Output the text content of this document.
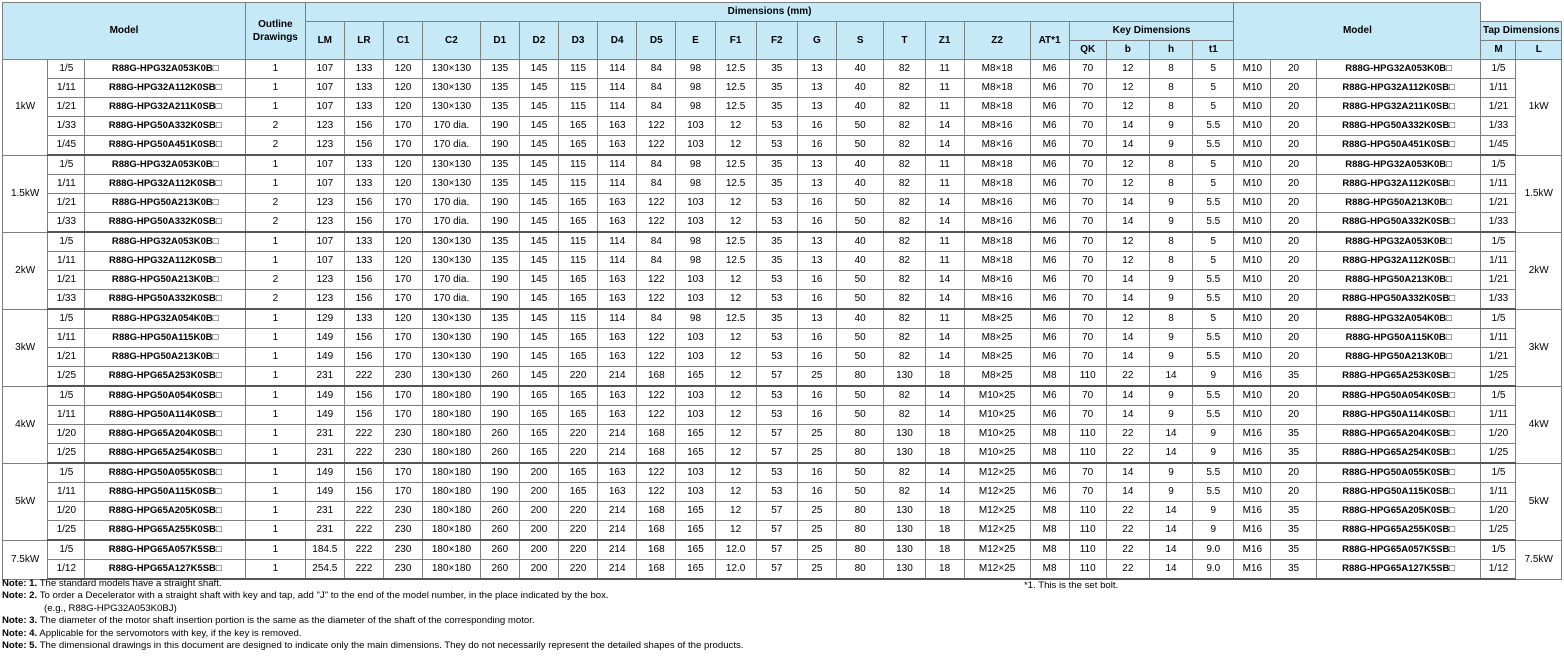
Model			Outline Drawings	Dimensions (mm)																						Model				
				LM	LR	C1	C2	D1	D2	D3	D4	D5	E	F1	F2	G	S	T	Z1	Z2	AT*1	Key Dimensions							Tap Dimensions	
																						QK	b	h	t1				M	L
1kW	1/5	R88G-HPG32A053K0B□	1	107	133	120	130×130	135	145	115	114	84	98	12.5	35	13	40	82	11	M8×18	M6	70	12	8	5	M10	20	R88G-HPG32A053K0B□	1/5	1kW
	1/11	R88G-HPG32A112K0SB□	1	107	133	120	130×130	135	145	115	114	84	98	12.5	35	13	40	82	11	M8×18	M6	70	12	8	5	M10	20	R88G-HPG32A112K0SB□	1/11	
	1/21	R88G-HPG32A211K0SB□	1	107	133	120	130×130	135	145	115	114	84	98	12.5	35	13	40	82	11	M8×18	M6	70	12	8	5	M10	20	R88G-HPG32A211K0SB□	1/21	
	1/33	R88G-HPG50A332K0SB□	2	123	156	170	170 dia.	190	145	165	163	122	103	12	53	16	50	82	14	M8×16	M6	70	14	9	5.5	M10	20	R88G-HPG50A332K0SB□	1/33	
	1/45	R88G-HPG50A451K0SB□	2	123	156	170	170 dia.	190	145	165	163	122	103	12	53	16	50	82	14	M8×16	M6	70	14	9	5.5	M10	20	R88G-HPG50A451K0SB□	1/45	
1.5kW	1/5	R88G-HPG32A053K0B□	1	107	133	120	130×130	135	145	115	114	84	98	12.5	35	13	40	82	11	M8×18	M6	70	12	8	5	M10	20	R88G-HPG32A053K0B□	1/5	1.5kW
	1/11	R88G-HPG32A112K0SB□	1	107	133	120	130×130	135	145	115	114	84	98	12.5	35	13	40	82	11	M8×18	M6	70	12	8	5	M10	20	R88G-HPG32A112K0SB□	1/11	
	1/21	R88G-HPG50A213K0B□	2	123	156	170	170 dia.	190	145	165	163	122	103	12	53	16	50	82	14	M8×16	M6	70	14	9	5.5	M10	20	R88G-HPG50A213K0B□	1/21	
	1/33	R88G-HPG50A332K0SB□	2	123	156	170	170 dia.	190	145	165	163	122	103	12	53	16	50	82	14	M8×16	M6	70	14	9	5.5	M10	20	R88G-HPG50A332K0SB□	1/33	
2kW	1/5	R88G-HPG32A053K0B□	1	107	133	120	130×130	135	145	115	114	84	98	12.5	35	13	40	82	11	M8×18	M6	70	12	8	5	M10	20	R88G-HPG32A053K0B□	1/5	2kW
	1/11	R88G-HPG32A112K0SB□	1	107	133	120	130×130	135	145	115	114	84	98	12.5	35	13	40	82	11	M8×18	M6	70	12	8	5	M10	20	R88G-HPG32A112K0SB□	1/11	
	1/21	R88G-HPG50A213K0B□	2	123	156	170	170 dia.	190	145	165	163	122	103	12	53	16	50	82	14	M8×16	M6	70	14	9	5.5	M10	20	R88G-HPG50A213K0B□	1/21	
	1/33	R88G-HPG50A332K0SB□	2	123	156	170	170 dia.	190	145	165	163	122	103	12	53	16	50	82	14	M8×16	M6	70	14	9	5.5	M10	20	R88G-HPG50A332K0SB□	1/33	
3kW	1/5	R88G-HPG32A054K0B□	1	129	133	120	130×130	135	145	115	114	84	98	12.5	35	13	40	82	11	M8×25	M6	70	12	8	5	M10	20	R88G-HPG32A054K0B□	1/5	3kW
	1/11	R88G-HPG50A115K0B□	1	149	156	170	130×130	190	145	165	163	122	103	12	53	16	50	82	14	M8×25	M6	70	14	9	5.5	M10	20	R88G-HPG50A115K0B□	1/11	
	1/21	R88G-HPG50A213K0B□	1	149	156	170	130×130	190	145	165	163	122	103	12	53	16	50	82	14	M8×25	M6	70	14	9	5.5	M10	20	R88G-HPG50A213K0B□	1/21	
	1/25	R88G-HPG65A253K0SB□	1	231	222	230	130×130	260	145	220	214	168	165	12	57	25	80	130	18	M8×25	M8	110	22	14	9	M16	35	R88G-HPG65A253K0SB□	1/25	
4kW	1/5	R88G-HPG50A054K0SB□	1	149	156	170	180×180	190	165	165	163	122	103	12	53	16	50	82	14	M10×25	M6	70	14	9	5.5	M10	20	R88G-HPG50A054K0SB□	1/5	4kW
	1/11	R88G-HPG50A114K0SB□	1	149	156	170	180×180	190	165	165	163	122	103	12	53	16	50	82	14	M10×25	M6	70	14	9	5.5	M10	20	R88G-HPG50A114K0SB□	1/11	
	1/20	R88G-HPG65A204K0SB□	1	231	222	230	180×180	260	165	220	214	168	165	12	57	25	80	130	18	M10×25	M8	110	22	14	9	M16	35	R88G-HPG65A204K0SB□	1/20	
	1/25	R88G-HPG65A254K0SB□	1	231	222	230	180×180	260	165	220	214	168	165	12	57	25	80	130	18	M10×25	M8	110	22	14	9	M16	35	R88G-HPG65A254K0SB□	1/25	
5kW	1/5	R88G-HPG50A055K0SB□	1	149	156	170	180×180	190	200	165	163	122	103	12	53	16	50	82	14	M12×25	M6	70	14	9	5.5	M10	20	R88G-HPG50A055K0SB□	1/5	5kW
	1/11	R88G-HPG50A115K0SB□	1	149	156	170	180×180	190	200	165	163	122	103	12	53	16	50	82	14	M12×25	M6	70	14	9	5.5	M10	20	R88G-HPG50A115K0SB□	1/11	
	1/20	R88G-HPG65A205K0SB□	1	231	222	230	180×180	260	200	220	214	168	165	12	57	25	80	130	18	M12×25	M8	110	22	14	9	M16	35	R88G-HPG65A205K0SB□	1/20	
	1/25	R88G-HPG65A255K0SB□	1	231	222	230	180×180	260	200	220	214	168	165	12	57	25	80	130	18	M12×25	M8	110	22	14	9	M16	35	R88G-HPG65A255K0SB□	1/25	
7.5kW	1/5	R88G-HPG65A057K5SB□	1	184.5	222	230	180×180	260	200	220	214	168	165	12.0	57	25	80	130	18	M12×25	M8	110	22	14	9.0	M16	35	R88G-HPG65A057K5SB□	1/5	7.5kW
	1/12	R88G-HPG65A127K5SB□	1	254.5	222	230	180×180	260	200	220	214	168	165	12.0	57	25	80	130	18	M12×25	M8	110	22	14	9.0	M16	35	R88G-HPG65A127K5SB□	1/12	
Note: 1. The standard models have a straight shaft.
Note: 2. To order a Decelerator with a straight shaft with key and tap, add "J" to the end of the model number, in the place indicated by the box.
(e.g., R88G-HPG32A053K0BJ)
Note: 3. The diameter of the motor shaft insertion portion is the same as the diameter of the shaft of the corresponding motor.
Note: 4. Applicable for the servomotors with key, if the key is removed.
Note: 5. The dimensional drawings in this document are designed to indicate only the main dimensions. They do not necessarily represent the detailed shapes of the products.
*1. This is the set bolt.
